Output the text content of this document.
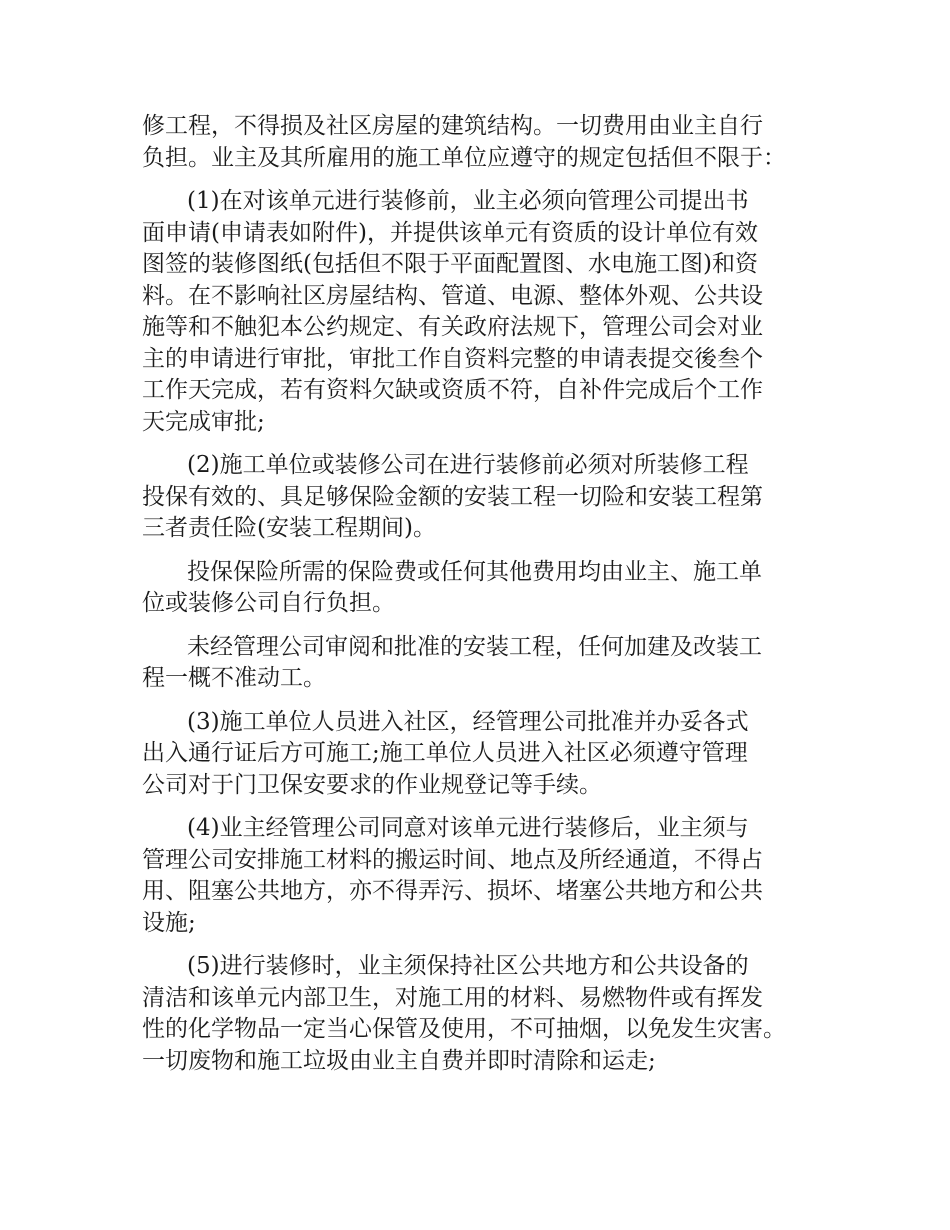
修工程，不得损及社区房屋的建筑结构。一切费用由业主自行
负担。业主及其所雇用的施工单位应遵守的规定包括但不限于：

(1)在对该单元进行装修前，业主必须向管理公司提出书
面申请(申请表如附件)，并提供该单元有资质的设计单位有效
图签的装修图纸(包括但不限于平面配置图、水电施工图)和资
料。在不影响社区房屋结构、管道、电源、整体外观、公共设
施等和不触犯本公约规定、有关政府法规下，管理公司会对业
主的申请进行审批，审批工作自资料完整的申请表提交後叁个
工作天完成，若有资料欠缺或资质不符，自补件完成后个工作
天完成审批;

(2)施工单位或装修公司在进行装修前必须对所装修工程
投保有效的、具足够保险金额的安装工程一切险和安装工程第
三者责任险(安装工程期间)。

投保保险所需的保险费或任何其他费用均由业主、施工单
位或装修公司自行负担。

未经管理公司审阅和批准的安装工程，任何加建及改装工
程一概不准动工。

(3)施工单位人员进入社区，经管理公司批准并办妥各式
出入通行证后方可施工;施工单位人员进入社区必须遵守管理
公司对于门卫保安要求的作业规登记等手续。

(4)业主经管理公司同意对该单元进行装修后，业主须与
管理公司安排施工材料的搬运时间、地点及所经通道，不得占
用、阻塞公共地方，亦不得弄污、损坏、堵塞公共地方和公共
设施;

(5)进行装修时，业主须保持社区公共地方和公共设备的
清洁和该单元内部卫生，对施工用的材料、易燃物件或有挥发
性的化学物品一定当心保管及使用，不可抽烟，以免发生灾害。
一切废物和施工垃圾由业主自费并即时清除和运走;
